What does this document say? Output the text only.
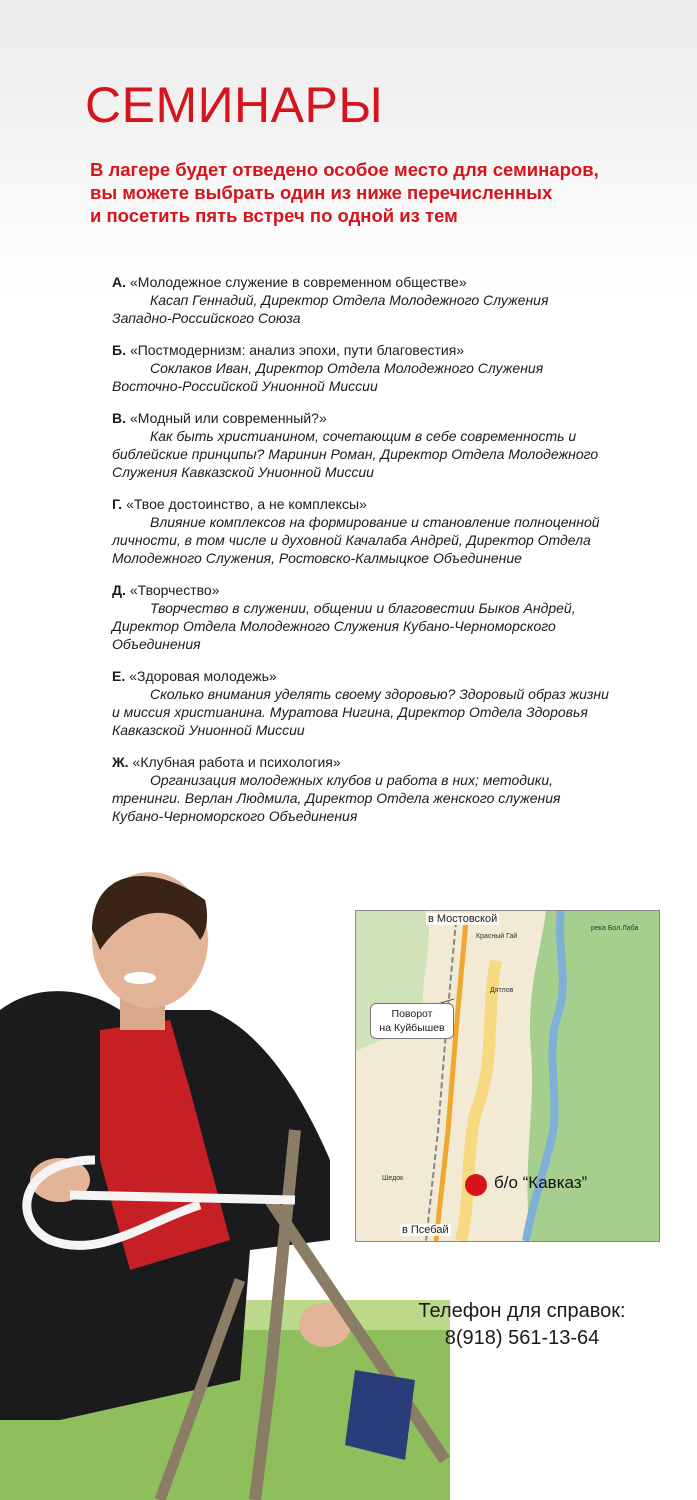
СЕМИНАРЫ
В лагере будет отведено особое место для семинаров,
вы можете выбрать один из ниже перечисленных
и посетить пять встреч по одной из тем
А. «Молодежное служение в современном обществе»
Касап Геннадий, Директор Отдела Молодежного Служения
Западно-Российского Союза
Б. «Постмодернизм: анализ эпохи, пути благовестия»
Соклаков Иван, Директор Отдела Молодежного Служения
Восточно-Российской Унионной Миссии
В. «Модный или современный?»
Как быть христианином, сочетающим в себе современность и
библейские принципы? Маринин Роман, Директор Отдела Молодежного
Служения Кавказской Унионной Миссии
Г. «Твое достоинство, а не комплексы»
Влияние комплексов на формирование и становление полноценной
личности, в том числе и духовной Качалаба Андрей, Директор Отдела
Молодежного Служения, Ростовско-Калмыцкое Объединение
Д. «Творчество»
Творчество в служении, общении и благовестии Быков Андрей,
Директор Отдела Молодежного Служения Кубано-Черноморского
Объединения
Е. «Здоровая молодежь»
Сколько внимания уделять своему здоровью? Здоровый образ жизни
и миссия христианина. Муратова Нигина, Директор Отдела Здоровья
Кавказской Унионной Миссии
Ж. «Клубная работа и психология»
Организация молодежных клубов и работа в них; методики,
тренинги. Верлан Людмила, Директор Отдела женского служения
Кубано-Черноморского Объединения
в Мостовской
Красный Гай
река Бол.Лаба
Дятлов
Шедок
Поворот
на Куйбышев
б/о “Кавказ”
в Псебай
Телефон для справок:
8(918) 561-13-64
